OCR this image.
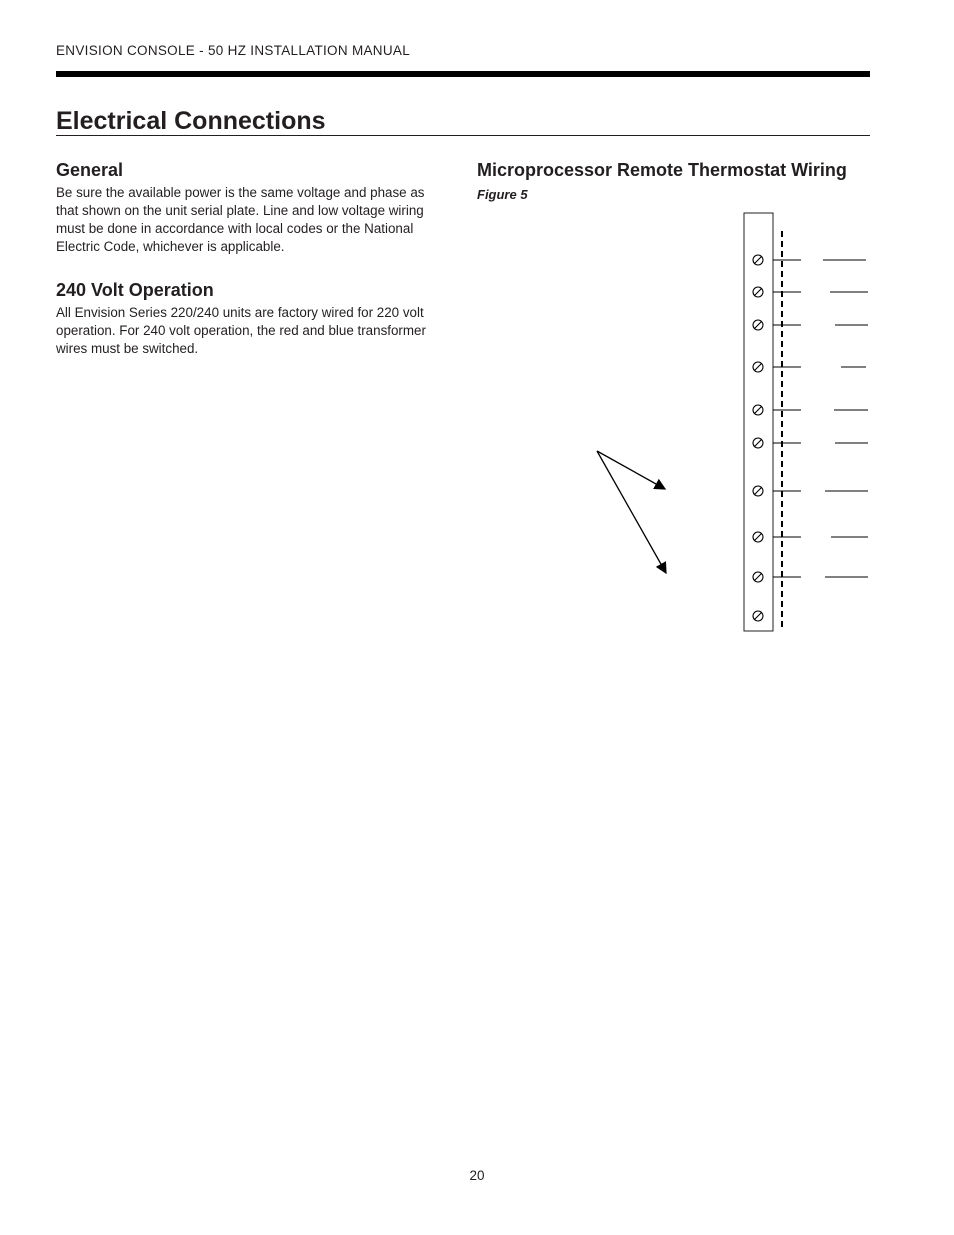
ENVISION CONSOLE - 50 HZ INSTALLATION MANUAL
Electrical Connections
General

Be sure the available power is the same voltage and phase as that shown on the unit serial plate. Line and low voltage wiring must be done in accordance with local codes or the National Electric Code, whichever is applicable.

240 Volt Operation

All Envision Series 220/240 units are factory wired for 220 volt operation. For 240 volt operation, the red and blue transformer wires must be switched.

Microprocessor Remote Thermostat Wiring
Figure 5
20
